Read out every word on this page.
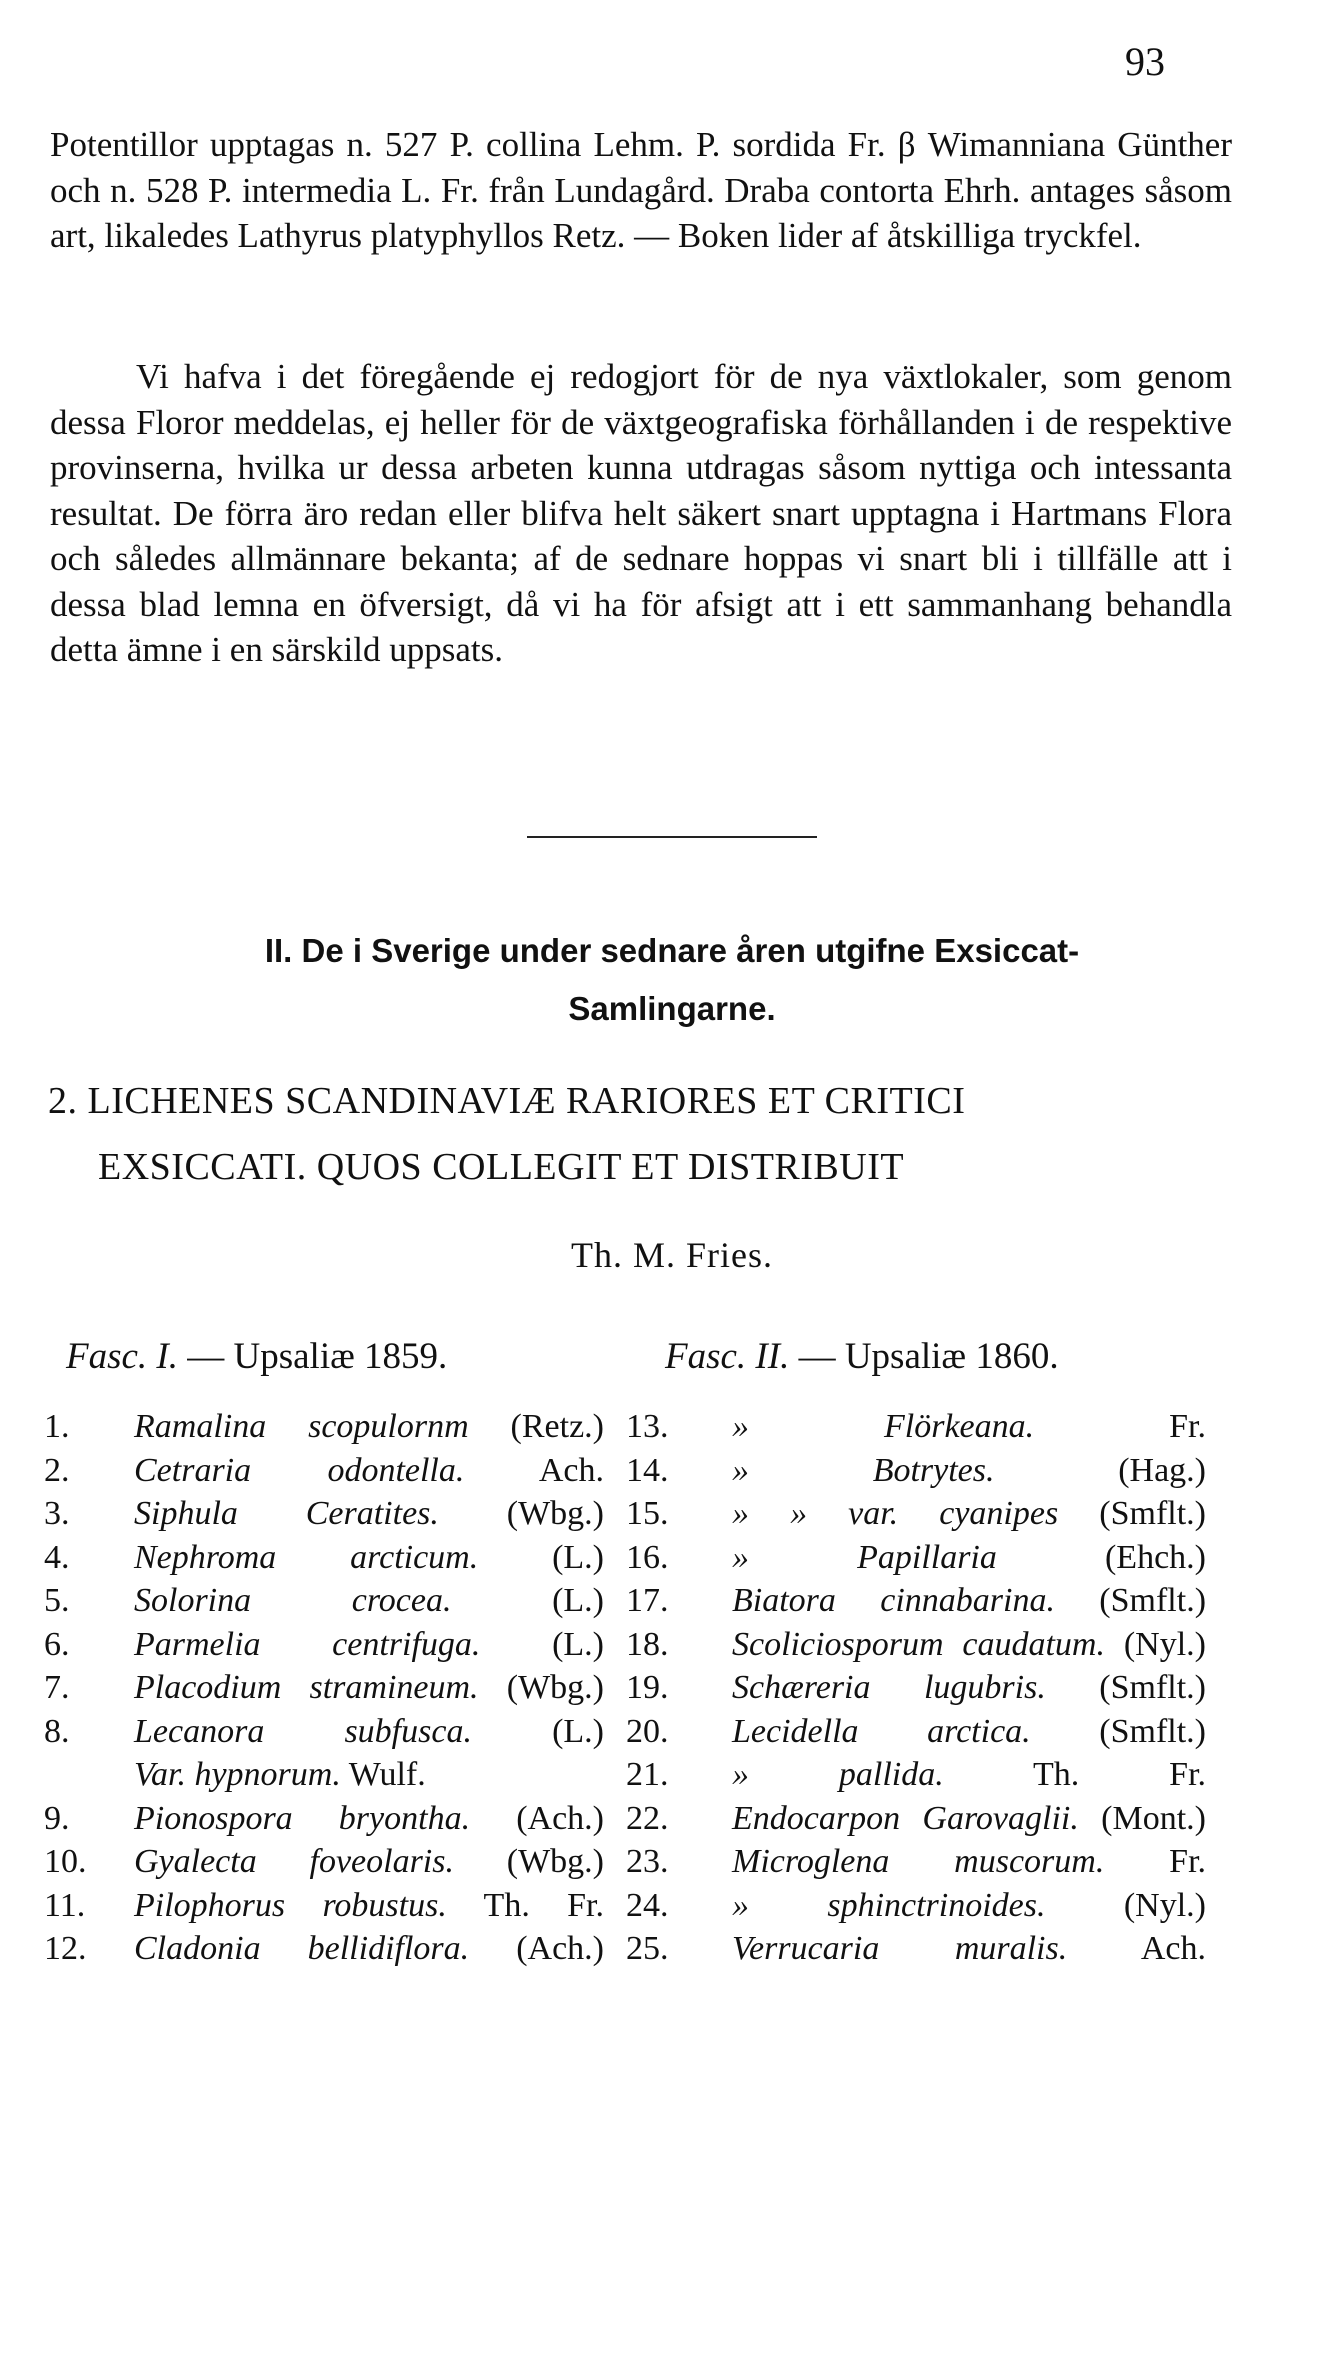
93

Potentillor upptagas n. 527 P. collina Lehm. P. sordida Fr. β Wimanniana Günther och n. 528 P. intermedia L. Fr. från Lundagård. Draba contorta Ehrh. antages såsom art, likaledes Lathyrus platyphyllos Retz. — Boken lider af åtskilliga tryckfel.

Vi hafva i det föregående ej redogjort för de nya växtlokaler, som genom dessa Floror meddelas, ej heller för de växtgeografiska förhållanden i de respektive provinserna, hvilka ur dessa arbeten kunna utdragas såsom nyttiga och intessanta resultat. De förra äro redan eller blifva helt säkert snart upptagna i Hartmans Flora och således allmännare bekanta; af de sednare hoppas vi snart bli i tillfälle att i dessa blad lemna en öfversigt, då vi ha för afsigt att i ett sammanhang behandla detta ämne i en särskild uppsats.

II. De i Sverige under sednare åren utgifne Exsiccat-
Samlingarne.
2. LICHENES SCANDINAVIÆ RARIORES ET CRITICI
EXSICCATI. QUOS COLLEGIT ET DISTRIBUIT
Th. M. Fries.
Fasc. I. — Upsaliæ 1859.	Fasc. II. — Upsaliæ 1860.
1.	Ramalina scopulornm (Retz.)
2.	Cetraria odontella. Ach.
3.	Siphula Ceratites. (Wbg.)
4.	Nephroma arcticum. (L.)
5.	Solorina crocea.	(L.)
6.	Parmelia centrifuga. (L.)
7.	Placodium stramineum. (Wbg.)
8.	Lecanora subfusca. (L.)
Var. hypnorum. Wulf.
9.	Pionospora bryontha. (Ach.)
10.	Gyalecta foveolaris. (Wbg.)
11.	Pilophorus robustus. Th. Fr.
12.	Cladonia bellidiflora. (Ach.)
13.	» Flörkeana.	Fr.
14.	» Botrytes.	(Hag.)
15.	» » var. cyanipes (Smflt.)
16.	» Papillaria	(Ehch.)
17.	Biatora cinnabarina. (Smflt.)
18.	Scoliciosporum caudatum. (Nyl.)
19.	Schæreria lugubris. (Smflt.)
20.	Lecidella arctica. (Smflt.)
21.	» pallida.	Th. Fr.
22.	Endocarpon Garovaglii. (Mont.)
23.	Microglena muscorum. Fr.
24.	» sphinctrinoides. (Nyl.)
25.	Verrucaria muralis. Ach.
